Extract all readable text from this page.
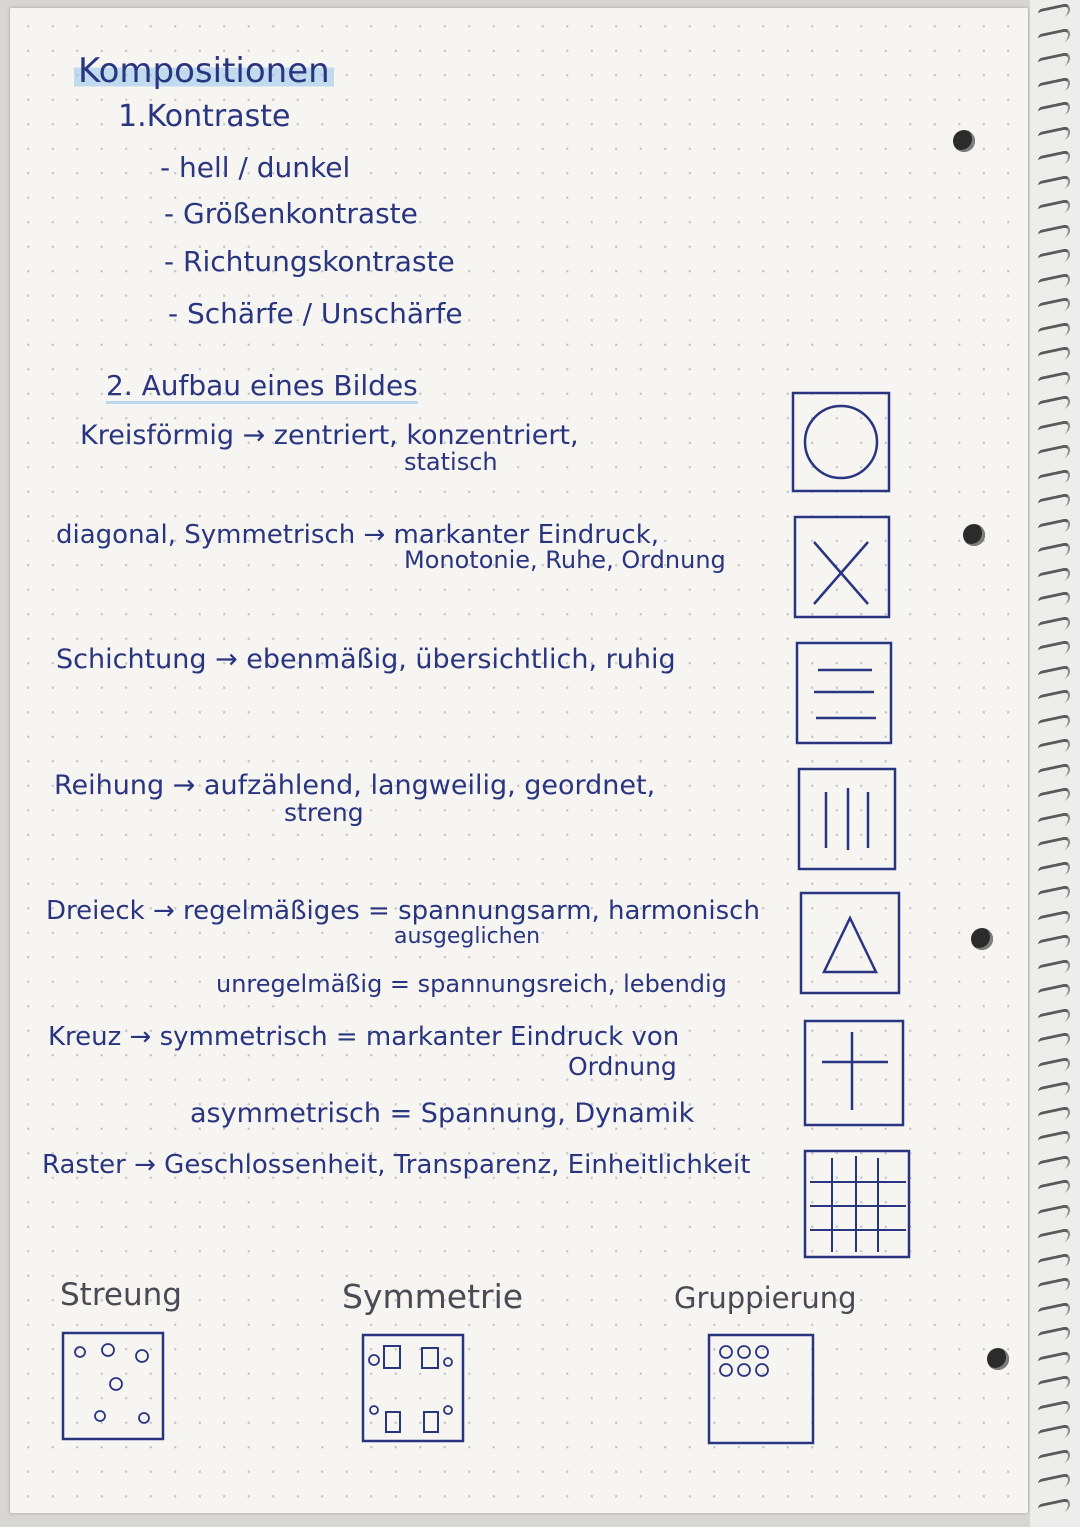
Kompositionen
1.Kontraste
- hell / dunkel
- Größenkontraste
- Richtungskontraste
- Schärfe / Unschärfe
2. Aufbau eines Bildes
Kreisförmig → zentriert, konzentriert,
statisch
diagonal, Symmetrisch → markanter Eindruck,
Monotonie, Ruhe, Ordnung
Schichtung → ebenmäßig, übersichtlich, ruhig
Reihung → aufzählend, langweilig, geordnet,
streng
Dreieck → regelmäßiges = spannungsarm, harmonisch
ausgeglichen
unregelmäßig = spannungsreich, lebendig
Kreuz → symmetrisch = markanter Eindruck von
Ordnung
asymmetrisch = Spannung, Dynamik
Raster → Geschlossenheit, Transparenz, Einheitlichkeit
Streung	Symmetrie	Gruppierung
